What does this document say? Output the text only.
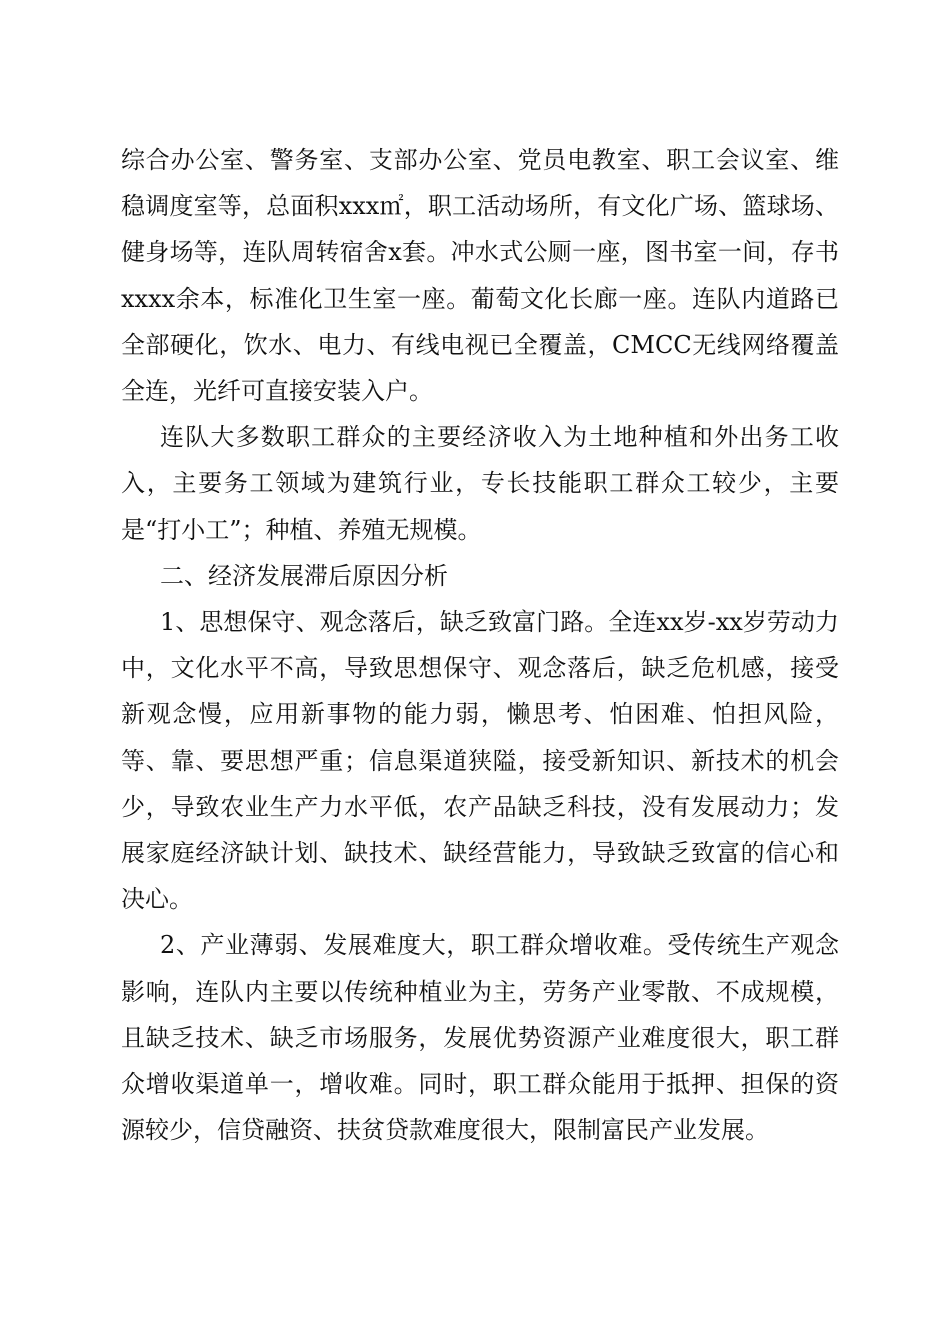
综合办公室、警务室、支部办公室、党员电教室、职工会议室、维稳调度室等，总面积xxx㎡，职工活动场所，有文化广场、篮球场、健身场等，连队周转宿舍x套。冲水式公厕一座，图书室一间，存书xxxx余本，标准化卫生室一座。葡萄文化长廊一座。连队内道路已全部硬化，饮水、电力、有线电视已全覆盖，CMCC无线网络覆盖全连，光纤可直接安装入户。

连队大多数职工群众的主要经济收入为土地种植和外出务工收入，主要务工领域为建筑行业，专长技能职工群众工较少，主要是“打小工”；种植、养殖无规模。

二、经济发展滞后原因分析

1、思想保守、观念落后，缺乏致富门路。全连xx岁-xx岁劳动力中，文化水平不高，导致思想保守、观念落后，缺乏危机感，接受新观念慢，应用新事物的能力弱，懒思考、怕困难、怕担风险，等、靠、要思想严重；信息渠道狭隘，接受新知识、新技术的机会少，导致农业生产力水平低，农产品缺乏科技，没有发展动力；发展家庭经济缺计划、缺技术、缺经营能力，导致缺乏致富的信心和决心。

2、产业薄弱、发展难度大，职工群众增收难。受传统生产观念影响，连队内主要以传统种植业为主，劳务产业零散、不成规模，且缺乏技术、缺乏市场服务，发展优势资源产业难度很大，职工群众增收渠道单一，增收难。同时，职工群众能用于抵押、担保的资源较少，信贷融资、扶贫贷款难度很大，限制富民产业发展。
